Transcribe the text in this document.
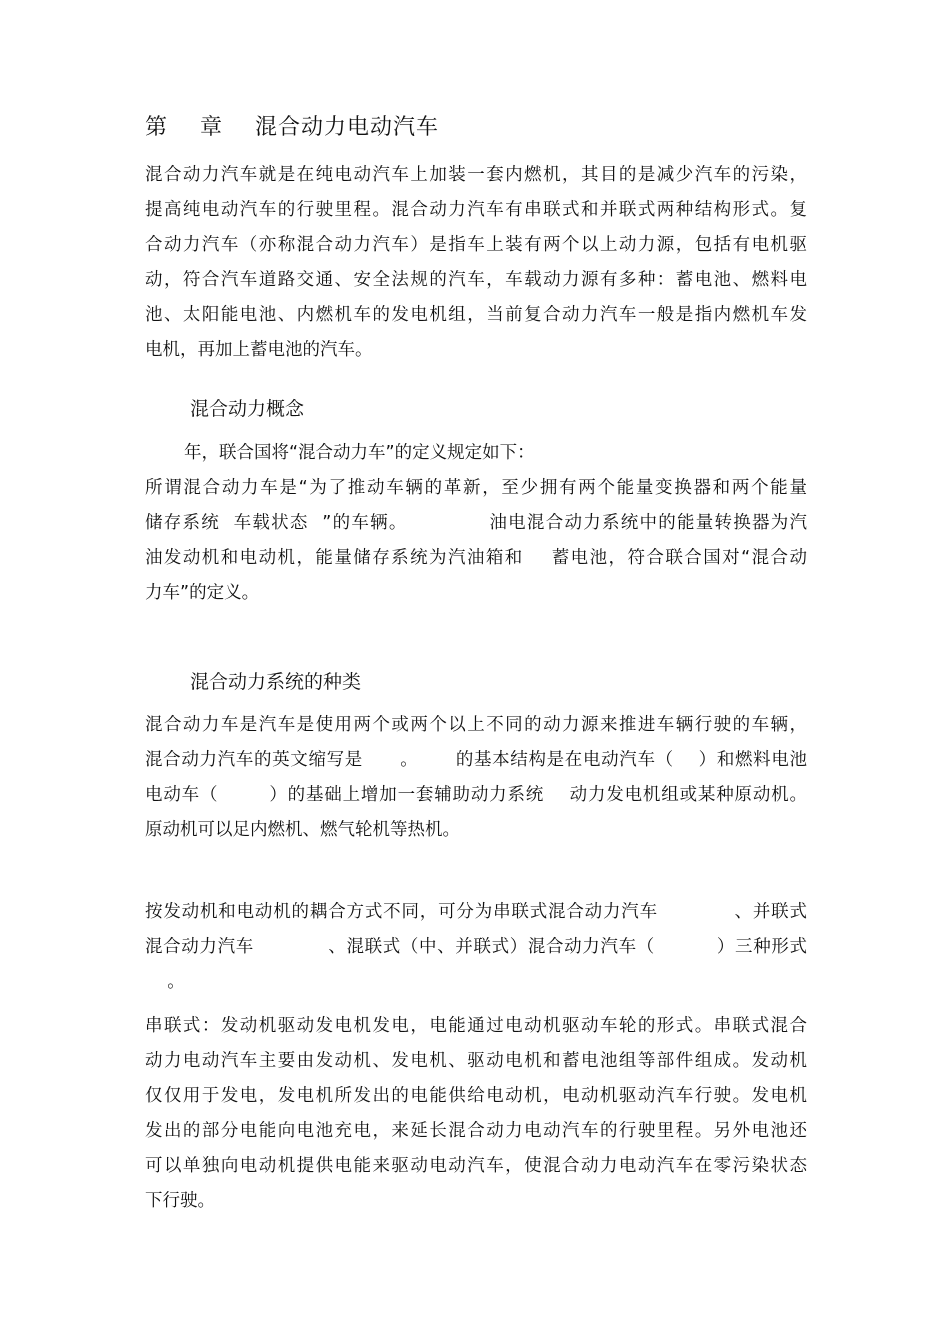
第    章    混合动力电动汽车

混合动力汽车就是在纯电动汽车上加装一套内燃机，其目的是减少汽车的污染，
提高纯电动汽车的行驶里程。混合动力汽车有串联式和并联式两种结构形式。复
合动力汽车（亦称混合动力汽车）是指车上装有两个以上动力源，包括有电机驱
动，符合汽车道路交通、安全法规的汽车，车载动力源有多种：蓄电池、燃料电
池、太阳能电池、内燃机车的发电机组，当前复合动力汽车一般是指内燃机车发
电机，再加上蓄电池的汽车。

混合动力概念

年，联合国将“混合动力车”的定义规定如下：
所谓混合动力车是“为了推动车辆的革新，至少拥有两个能量变换器和两个能量
储存系统  车载状态  ”的车辆。            油电混合动力系统中的能量转换器为汽
油发动机和电动机，能量储存系统为汽油箱和    蓄电池，符合联合国对“混合动
力车”的定义。

混合动力系统的种类

混合动力车是汽车是使用两个或两个以上不同的动力源来推进车辆行驶的车辆，
混合动力汽车的英文缩写是      。      的基本结构是在电动汽车（    ）和燃料电池
电动车（        ）的基础上增加一套辅助动力系统    动力发电机组或某种原动机。
原动机可以足内燃机、燃气轮机等热机。

按发动机和电动机的耦合方式不同，可分为串联式混合动力汽车            、并联式
混合动力汽车            、混联式（中、并联式）混合动力汽车（          ）三种形式
。

串联式：发动机驱动发电机发电，电能通过电动机驱动车轮的形式。串联式混合
动力电动汽车主要由发动机、发电机、驱动电机和蓄电池组等部件组成。发动机
仅仅用于发电，发电机所发出的电能供给电动机，电动机驱动汽车行驶。发电机
发出的部分电能向电池充电，来延长混合动力电动汽车的行驶里程。另外电池还
可以单独向电动机提供电能来驱动电动汽车，使混合动力电动汽车在零污染状态
下行驶。
